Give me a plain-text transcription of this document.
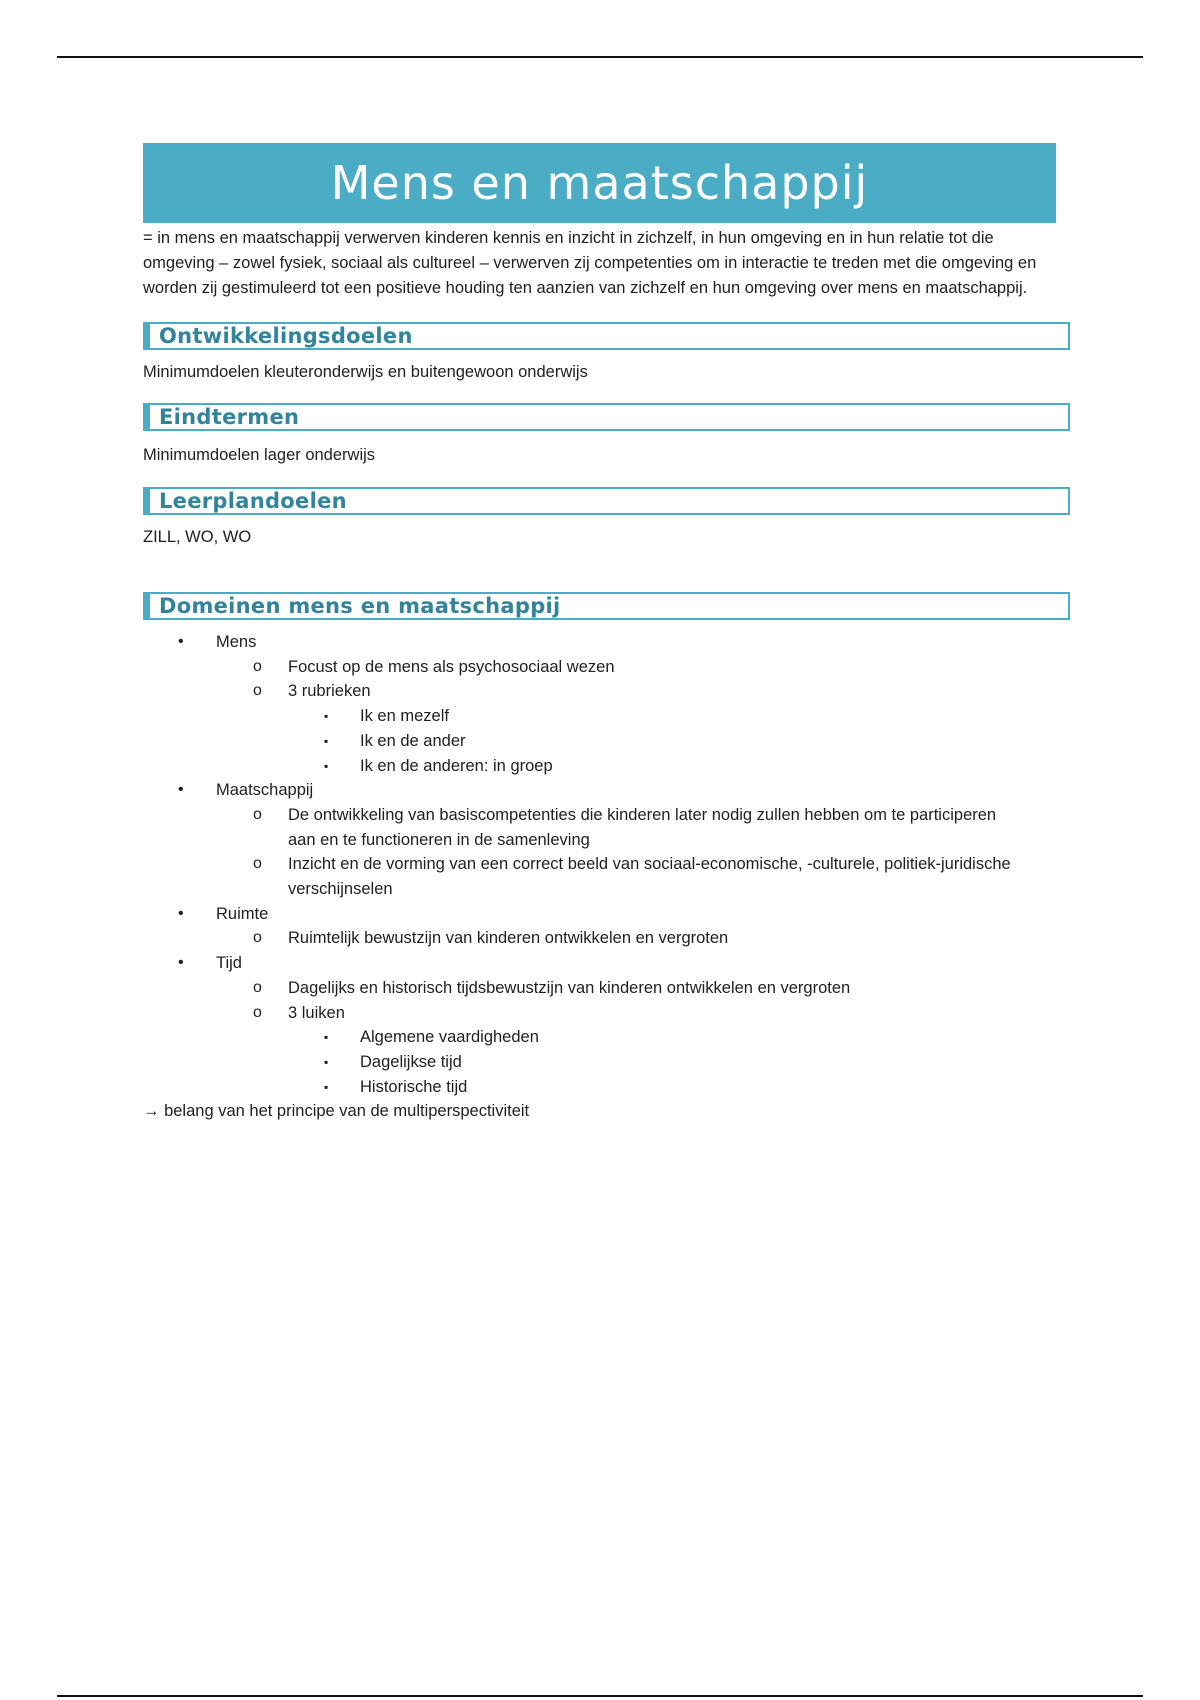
Mens en maatschappij

= in mens en maatschappij verwerven kinderen kennis en inzicht in zichzelf, in hun omgeving en in hun relatie tot die omgeving – zowel fysiek, sociaal als cultureel – verwerven zij competenties om in interactie te treden met die omgeving en worden zij gestimuleerd tot een positieve houding ten aanzien van zichzelf en hun omgeving over mens en maatschappij.

Ontwikkelingsdoelen

Minimumdoelen kleuteronderwijs en buitengewoon onderwijs

Eindtermen

Minimumdoelen lager onderwijs

Leerplandoelen

ZILL, WO, WO

Domeinen mens en maatschappij
• Mens
o Focust op de mens als psychosociaal wezen
o 3 rubrieken
▪ Ik en mezelf
▪ Ik en de ander
▪ Ik en de anderen: in groep
• Maatschappij
o De ontwikkeling van basiscompetenties die kinderen later nodig zullen hebben om te participeren aan en te functioneren in de samenleving
o Inzicht en de vorming van een correct beeld van sociaal-economische, -culturele, politiek-juridische verschijnselen
• Ruimte
o Ruimtelijk bewustzijn van kinderen ontwikkelen en vergroten
• Tijd
o Dagelijks en historisch tijdsbewustzijn van kinderen ontwikkelen en vergroten
o 3 luiken
▪ Algemene vaardigheden
▪ Dagelijkse tijd
▪ Historische tijd
→ belang van het principe van de multiperspectiviteit
